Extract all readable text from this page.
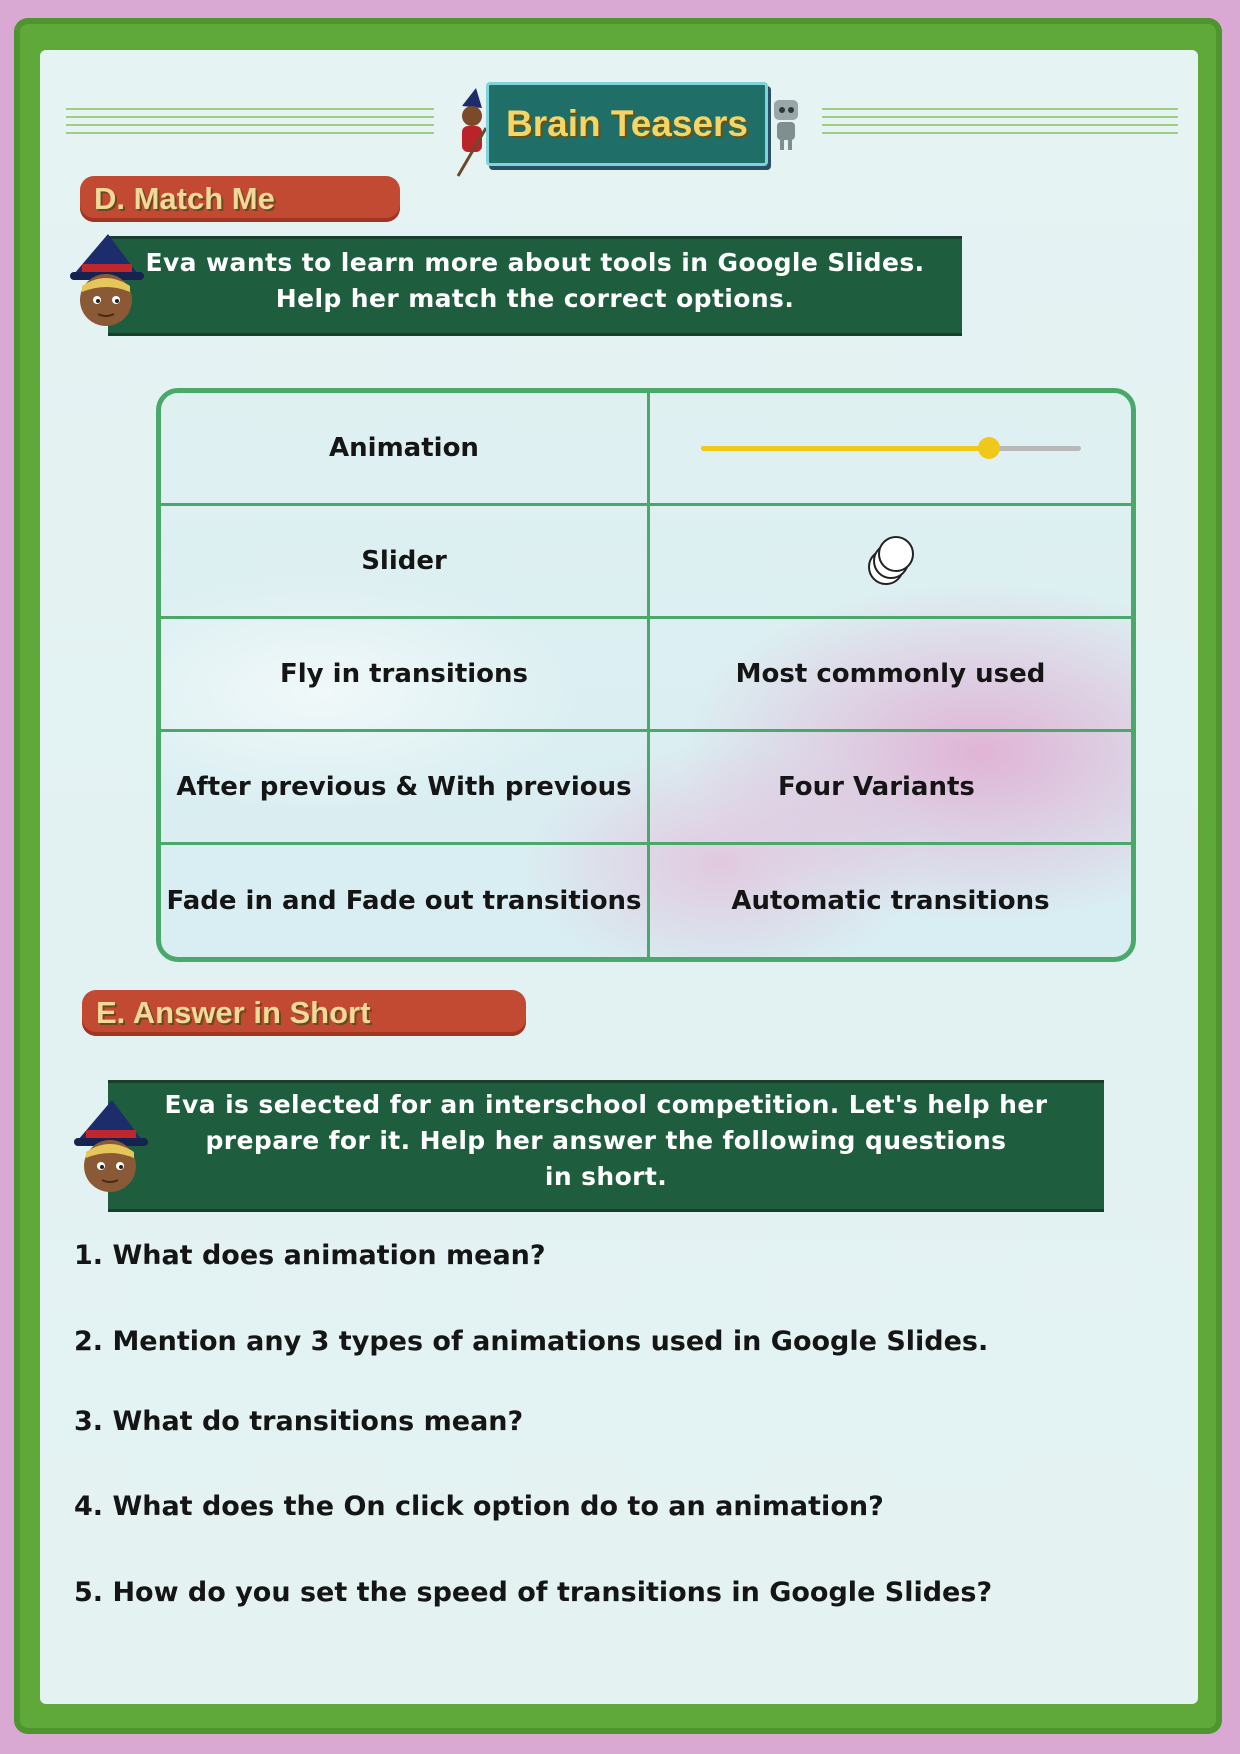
Brain Teasers
D. Match Me
Eva wants to learn more about tools in Google Slides.
Help her match the correct options.
Animation
Slider
Fly in transitions	Most commonly used
After previous & With previous	Four Variants
Fade in and Fade out transitions	Automatic transitions
E. Answer in Short
Eva is selected for an interschool competition. Let's help her
prepare for it. Help her answer the following questions
in short.
1. What does animation mean?
2. Mention any 3 types of animations used in Google Slides.
3. What do transitions mean?
4. What does the On click option do to an animation?
5. How do you set the speed of transitions in Google Slides?
